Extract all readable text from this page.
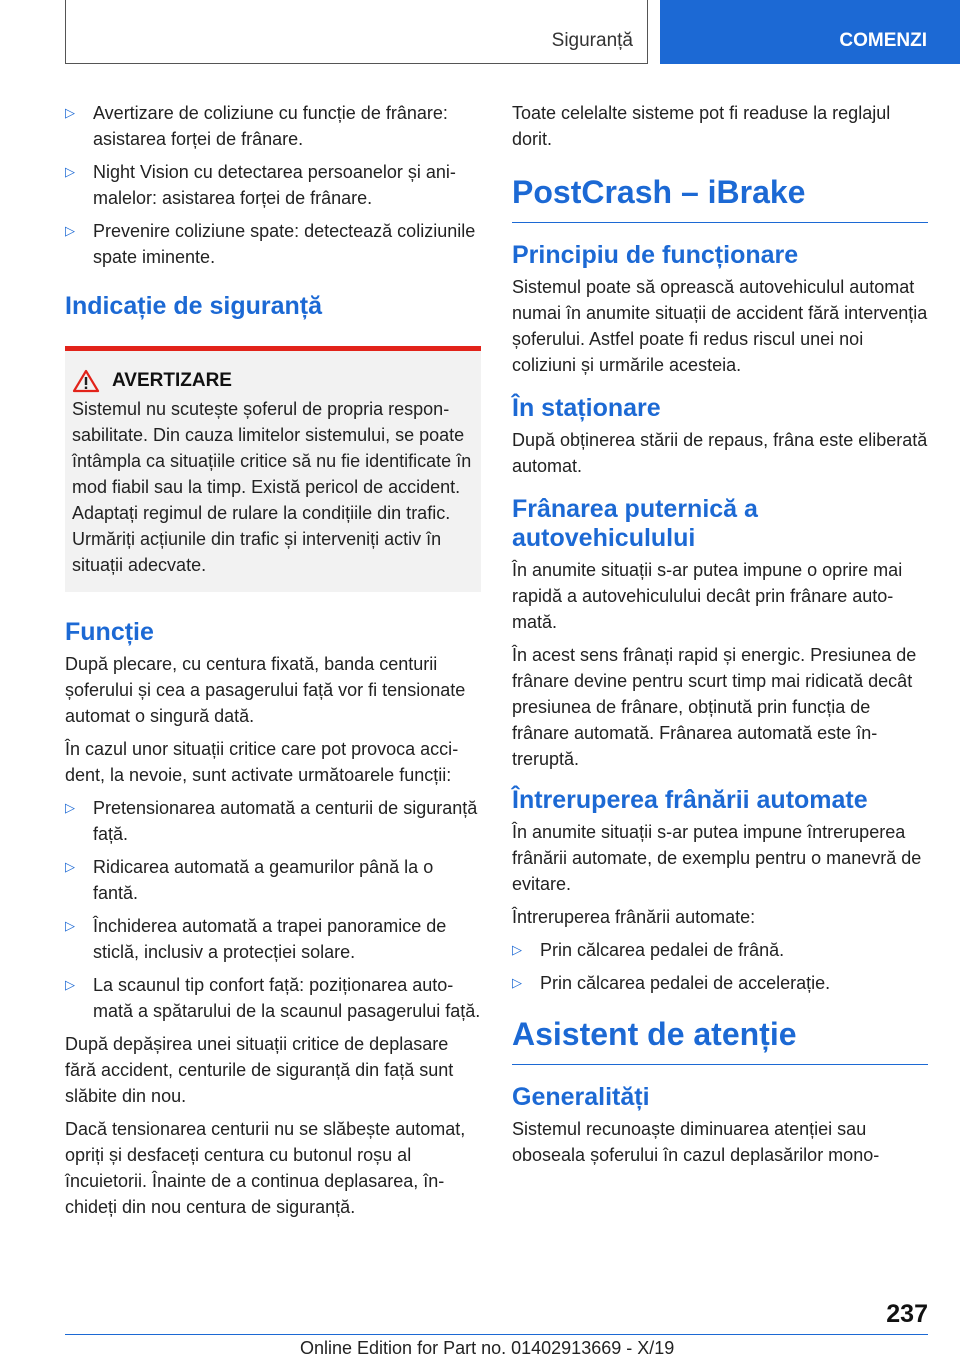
Siguranță	COMENZI
▷	Avertizare de coliziune cu funcție de frânare: asistarea forței de frânare.
▷	Night Vision cu detectarea persoanelor și animalelor: asistarea forței de frânare.
▷	Prevenire coliziune spate: detectează coliziunile spate iminente.
Indicație de siguranță
AVERTIZARE

Sistemul nu scutește șoferul de propria responsabilitate. Din cauza limitelor sistemului, se poate întâmpla ca situațiile critice să nu fie identificate în mod fiabil sau la timp. Există pericol de accident. Adaptați regimul de rulare la condițiile din trafic. Urmăriți acțiunile din trafic și interveniți activ în situații adecvate.

Funcție

După plecare, cu centura fixată, banda centurii șoferului și cea a pasagerului față vor fi tensionate automat o singură dată.

În cazul unor situații critice care pot provoca accident, la nevoie, sunt activate următoarele funcții:

▷	Pretensionarea automată a centurii de siguranță față.
▷	Ridicarea automată a geamurilor până la o fantă.
▷	Închiderea automată a trapei panoramice de sticlă, inclusiv a protecției solare.
▷	La scaunul tip confort față: poziționarea automată a spătarului de la scaunul pasagerului față.

După depășirea unei situații critice de deplasare fără accident, centurile de siguranță din față sunt slăbite din nou.

Dacă tensionarea centurii nu se slăbește automat, opriți și desfaceți centura cu butonul roșu al încuietorii. Înainte de a continua deplasarea, închideți din nou centura de siguranță.

Toate celelalte sisteme pot fi readuse la reglajul dorit.

PostCrash – iBrake
Principiu de funcționare

Sistemul poate să oprească autovehiculul automat numai în anumite situații de accident fără intervenția șoferului. Astfel poate fi redus riscul unei noi coliziuni și urmările acesteia.

În staționare

După obținerea stării de repaus, frâna este eliberată automat.

Frânarea puternică a autovehiculului

În anumite situații s-ar putea impune o oprire mai rapidă a autovehiculului decât prin frânare automată.

În acest sens frânați rapid și energic. Presiunea de frânare devine pentru scurt timp mai ridicată decât presiunea de frânare, obținută prin funcția de frânare automată. Frânarea automată este întreruptă.

Întreruperea frânării automate

În anumite situații s-ar putea impune întreruperea frânării automate, de exemplu pentru o manevră de evitare.

Întreruperea frânării automate:

▷	Prin călcarea pedalei de frână.
▷	Prin călcarea pedalei de accelerație.
Asistent de atenție
Generalități

Sistemul recunoaște diminuarea atenției sau oboseala șoferului în cazul deplasărilor mono-

237
Online Edition for Part no. 01402913669 - X/19
